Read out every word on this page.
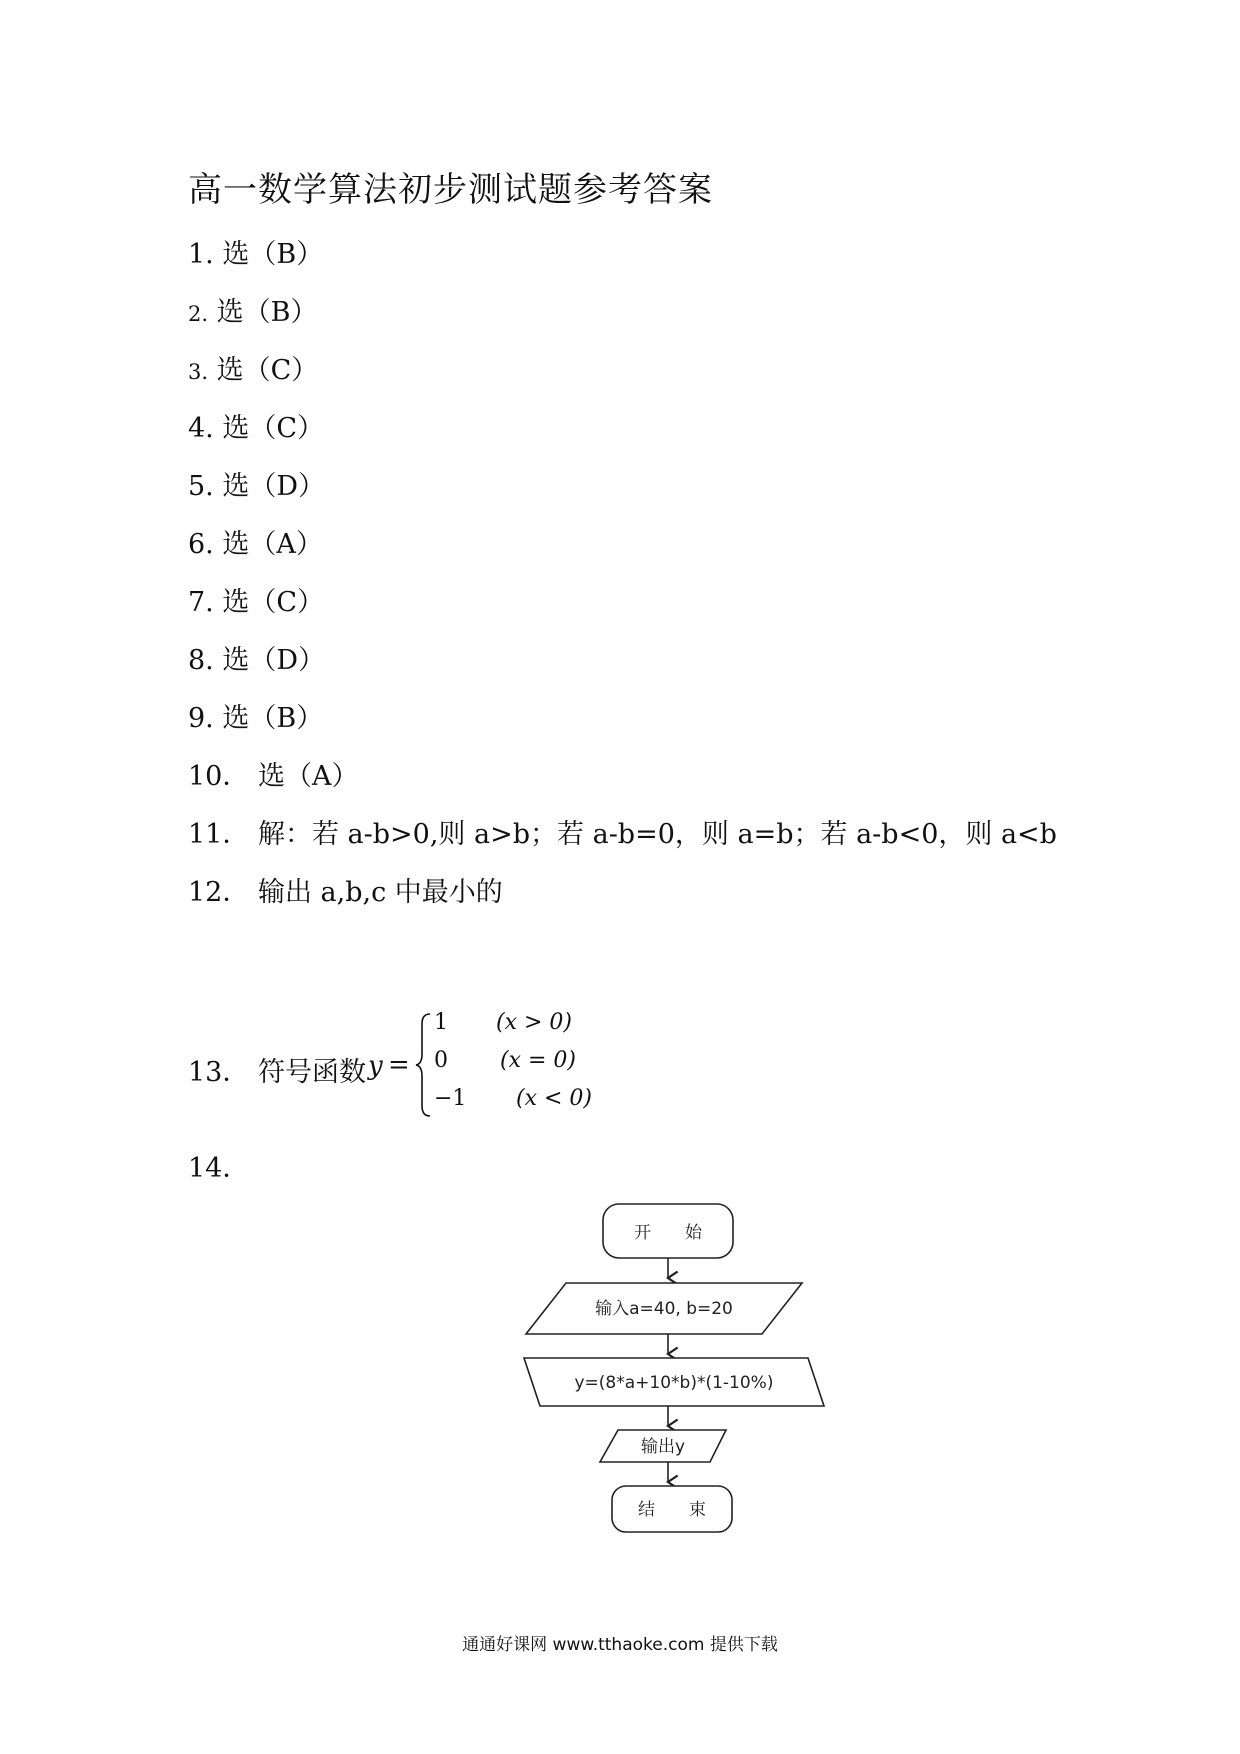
高一数学算法初步测试题参考答案
1. 选（B）
2. 选（B）
3. 选（C）
4. 选（C）
5. 选（D）
6. 选（A）
7. 选（C）
8. 选（D）
9. 选（B）
10． 选（A）
11． 解：若 a-b>0,则 a>b；若 a-b=0，则 a=b；若 a-b<0，则 a<b
12． 输出 a,b,c 中最小的
13． 符号函数 y =
1 (x > 0)
0 (x = 0)
−1 (x < 0)
14．
开　　始
输入a=40, b=20
y=(8*a+10*b)*(1-10%)
输出y
结　　束
通通好课网 www.tthaoke.com 提供下载
